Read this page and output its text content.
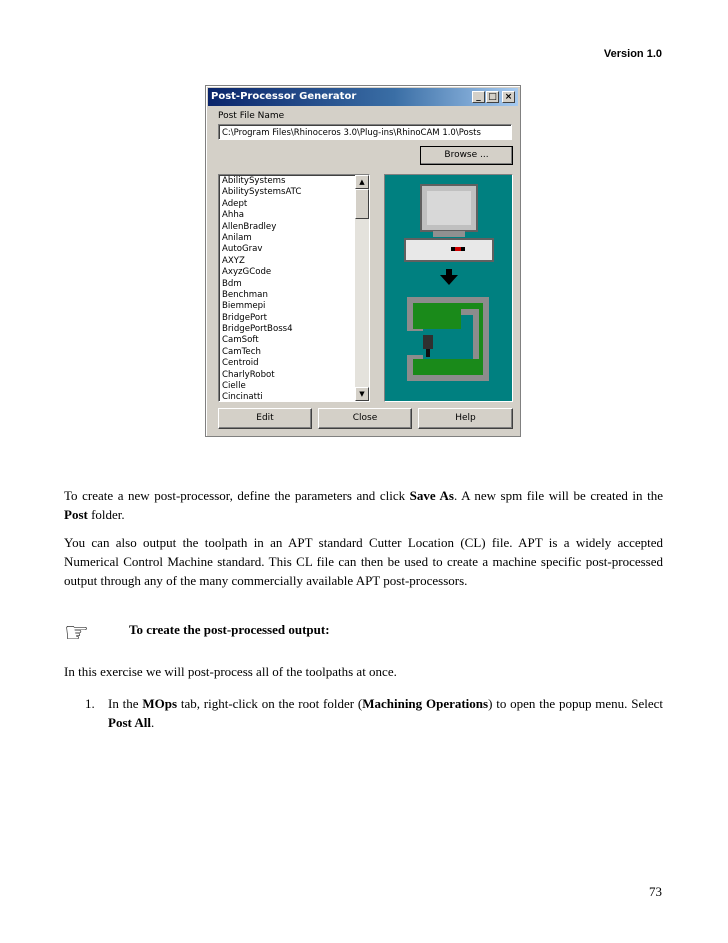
Version 1.0
Post-Processor Generator	_ □ ×
Post File Name
C:\Program Files\Rhinoceros 3.0\Plug-ins\RhinoCAM 1.0\Posts
Browse ...
AbilitySystems
AbilitySystemsATC
Adept
Ahha
AllenBradley
Anilam
AutoGrav
AXYZ
AxyzGCode
Bdm
Benchman
Biemmepi
BridgePort
BridgePortBoss4
CamSoft
CamTech
Centroid
CharlyRobot
Cielle
Cincinatti
▲
▼
Edit	Close	Help

To create a new post-processor, define the parameters and click Save As. A new spm file will be created in the Post folder.

You can also output the toolpath in an APT standard Cutter Location (CL) file. APT is a widely accepted Numerical Control Machine standard. This CL file can then be used to create a machine specific post-processed output through any of the many commercially available APT post-processors.

☞	To create the post-processed output:

In this exercise we will post-process all of the toolpaths at once.

1. In the MOps tab, right-click on the root folder (Machining Operations) to open the popup menu. Select Post All.

73
